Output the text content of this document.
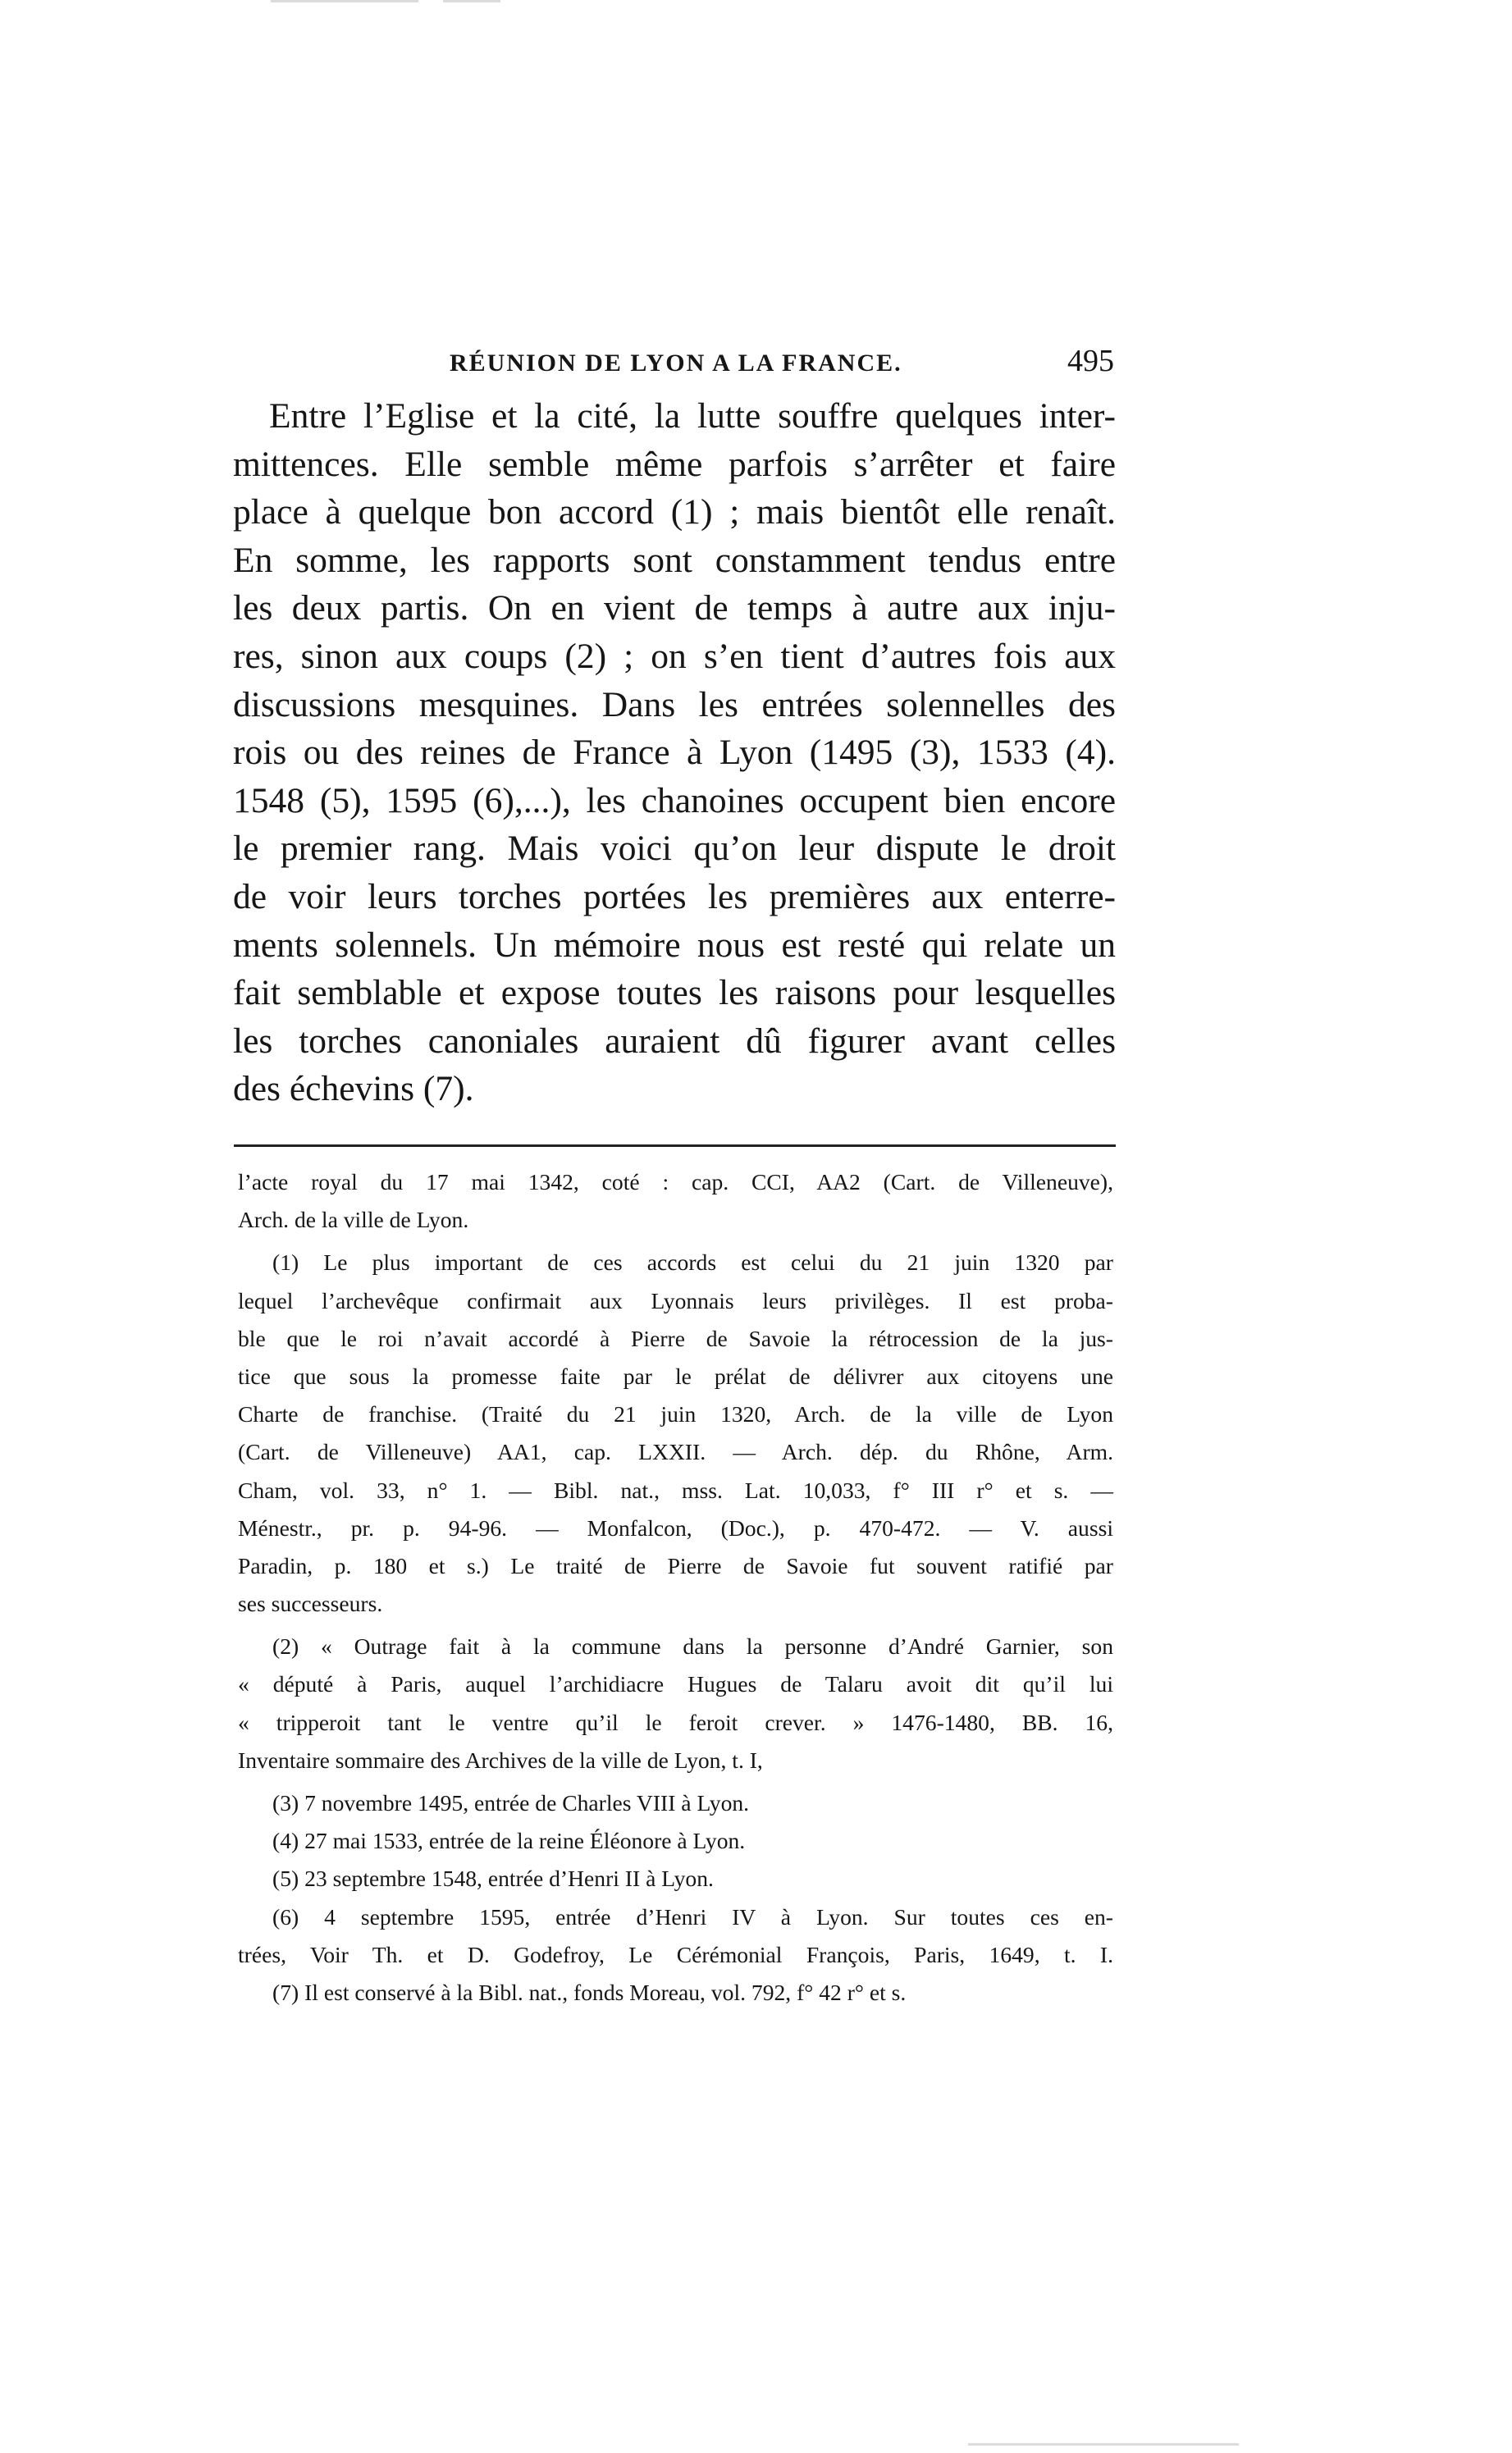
RÉUNION DE LYON A LA FRANCE.	495
Entre l’Eglise et la cité, la lutte souffre quelques inter-
mittences. Elle semble même parfois s’arrêter et faire
place à quelque bon accord (1) ; mais bientôt elle renaît.
En somme, les rapports sont constamment tendus entre
les deux partis. On en vient de temps à autre aux inju-
res, sinon aux coups (2) ; on s’en tient d’autres fois aux
discussions mesquines. Dans les entrées solennelles des
rois ou des reines de France à Lyon (1495 (3), 1533 (4).
1548 (5), 1595 (6),...), les chanoines occupent bien encore
le premier rang. Mais voici qu’on leur dispute le droit
de voir leurs torches portées les premières aux enterre-
ments solennels. Un mémoire nous est resté qui relate un
fait semblable et expose toutes les raisons pour lesquelles
les torches canoniales auraient dû figurer avant celles
des échevins (7).
l’acte royal du 17 mai 1342, coté : cap. CCI, AA2 (Cart. de Villeneuve),
Arch. de la ville de Lyon.
(1) Le plus important de ces accords est celui du 21 juin 1320 par
lequel l’archevêque confirmait aux Lyonnais leurs privilèges. Il est proba-
ble que le roi n’avait accordé à Pierre de Savoie la rétrocession de la jus-
tice que sous la promesse faite par le prélat de délivrer aux citoyens une
Charte de franchise. (Traité du 21 juin 1320, Arch. de la ville de Lyon
(Cart. de Villeneuve) AA1, cap. LXXII. — Arch. dép. du Rhône, Arm.
Cham, vol. 33, n° 1. — Bibl. nat., mss. Lat. 10,033, f° III r° et s. —
Ménestr., pr. p. 94-96. — Monfalcon, (Doc.), p. 470-472. — V. aussi
Paradin, p. 180 et s.) Le traité de Pierre de Savoie fut souvent ratifié par
ses successeurs.
(2) « Outrage fait à la commune dans la personne d’André Garnier, son
« député à Paris, auquel l’archidiacre Hugues de Talaru avoit dit qu’il lui
« tripperoit tant le ventre qu’il le feroit crever. » 1476-1480, BB. 16,
Inventaire sommaire des Archives de la ville de Lyon, t. I,
(3) 7 novembre 1495, entrée de Charles VIII à Lyon.
(4) 27 mai 1533, entrée de la reine Éléonore à Lyon.
(5) 23 septembre 1548, entrée d’Henri II à Lyon.
(6) 4 septembre 1595, entrée d’Henri IV à Lyon. Sur toutes ces en-
trées, Voir Th. et D. Godefroy, Le Cérémonial François, Paris, 1649, t. I.
(7) Il est conservé à la Bibl. nat., fonds Moreau, vol. 792, f° 42 r° et s.
